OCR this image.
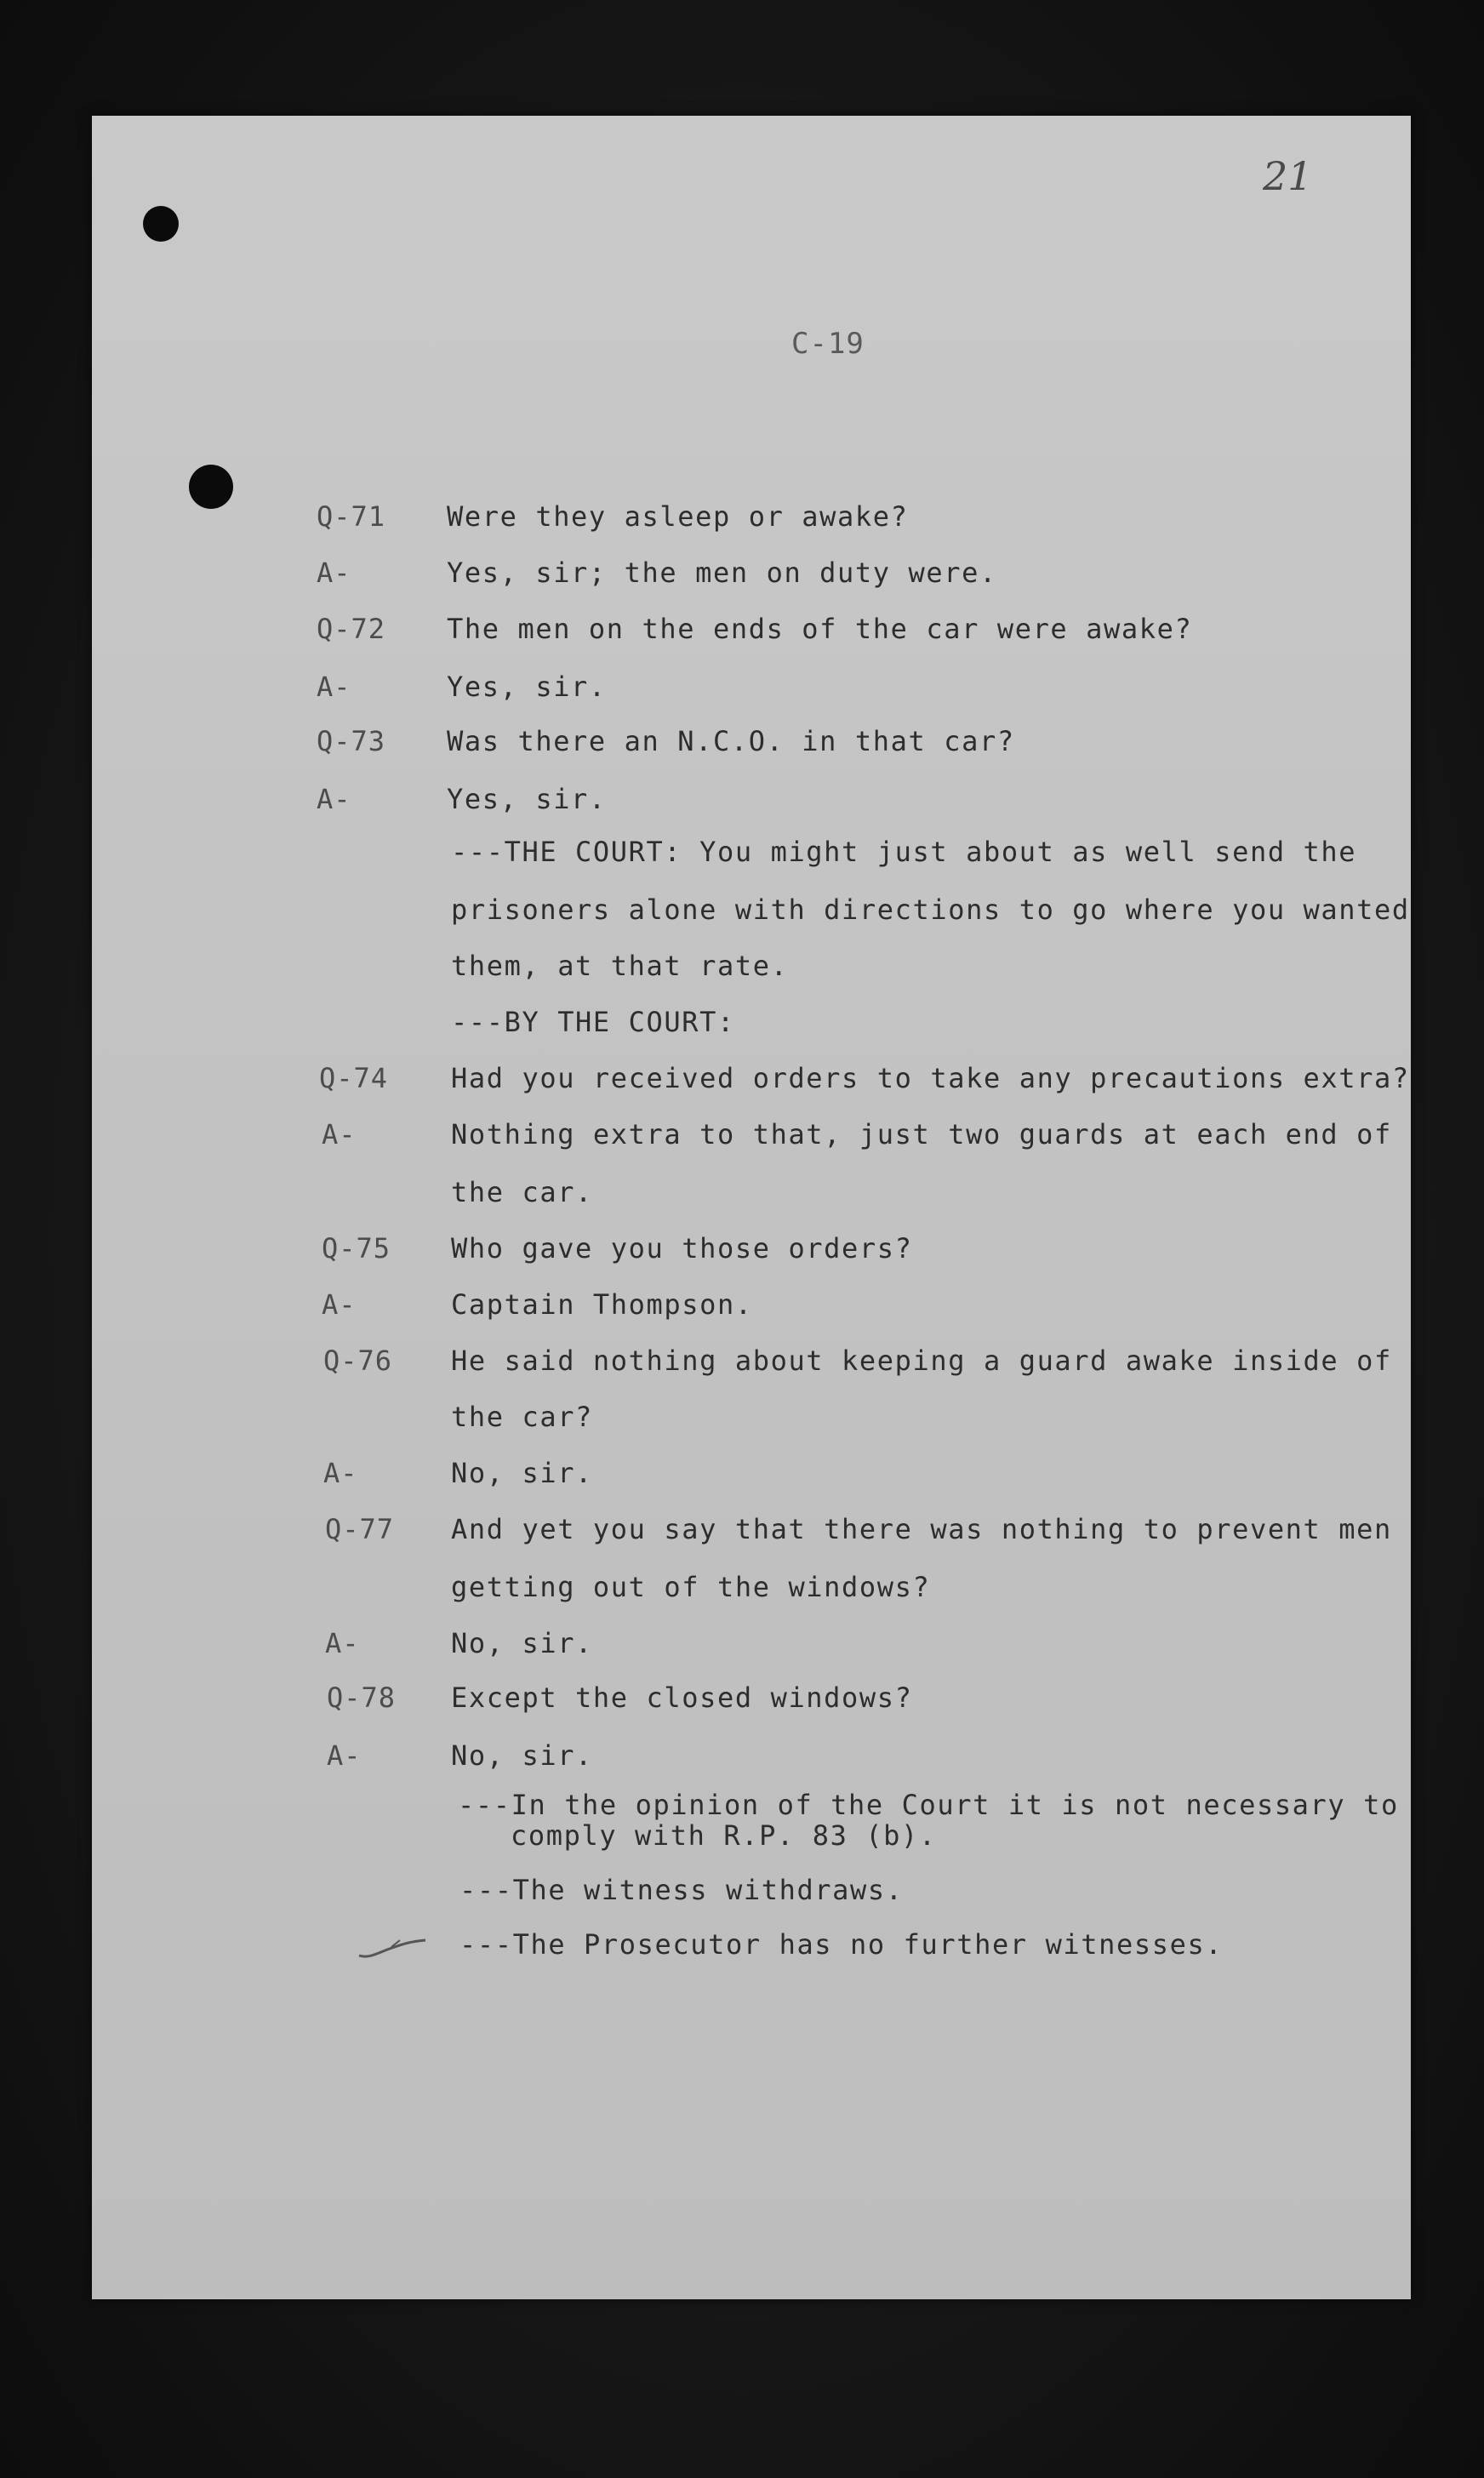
21
C-19
Q-71 Were they asleep or awake?
A-	Yes, sir; the men on duty were.
Q-72 The men on the ends of the car were awake?
A-	Yes, sir.
Q-73 Was there an N.C.O. in that car?
A-	Yes, sir.
---THE COURT: You might just about as well send the
prisoners alone with directions to go where you wanted
them, at that rate.
---BY THE COURT:
Q-74 Had you received orders to take any precautions extra?
A-	Nothing extra to that, just two guards at each end of
the car.
Q-75 Who gave you those orders?
A-	Captain Thompson.
Q-76 He said nothing about keeping a guard awake inside of
the car?
A-	No, sir.
Q-77 And yet you say that there was nothing to prevent men
getting out of the windows?
A-	No, sir.
Q-78 Except the closed windows?
A-	No, sir.
---In the opinion of the Court it is not necessary to
comply with R.P. 83 (b).
---The witness withdraws.
---The Prosecutor has no further witnesses.
